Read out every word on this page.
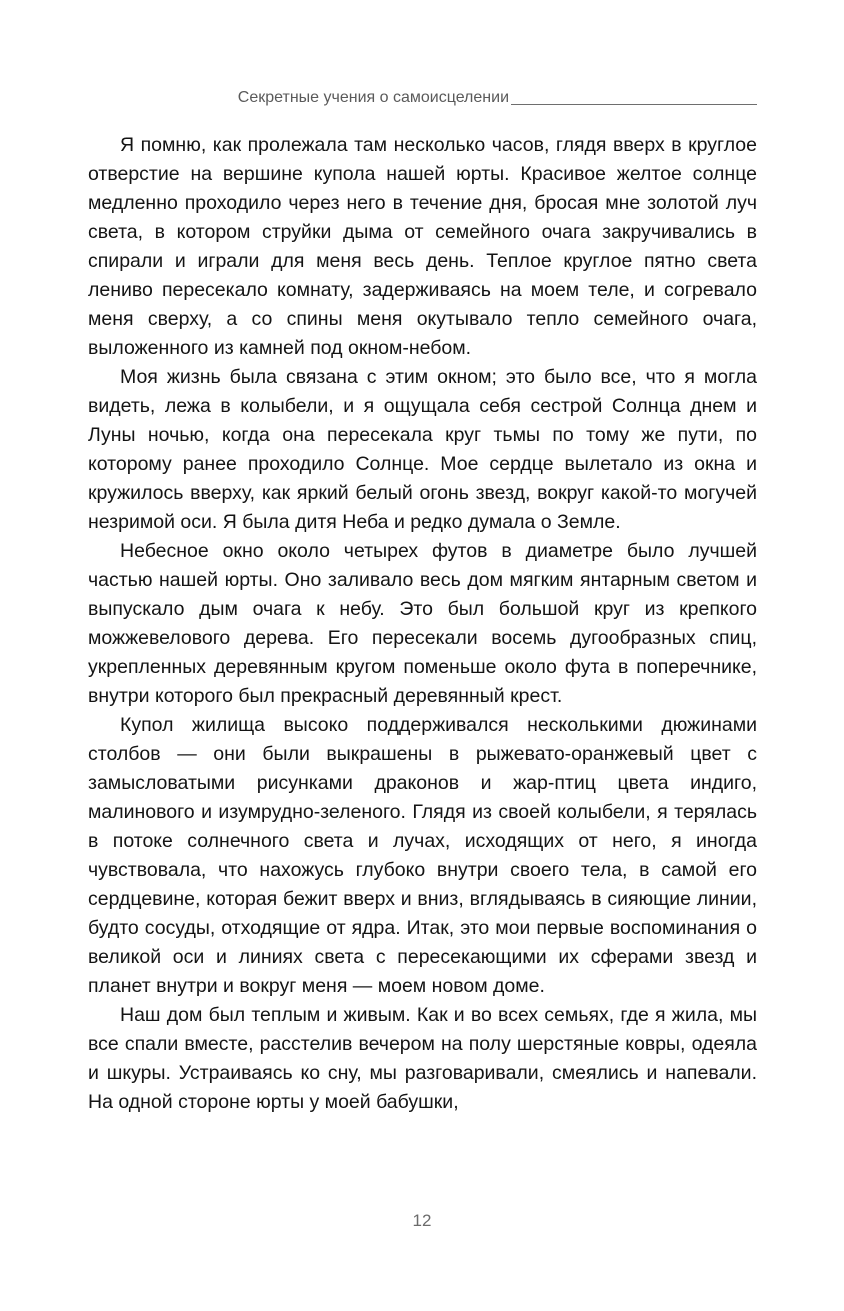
Секретные учения о самоисцелении

Я помню, как пролежала там несколько часов, глядя вверх в круглое отверстие на вершине купола нашей юрты. Красивое желтое солнце медленно проходило через него в течение дня, бросая мне золотой луч света, в котором струйки дыма от семейного очага закручивались в спирали и играли для меня весь день. Теплое круглое пятно света лениво пересекало комнату, задерживаясь на моем теле, и согревало меня сверху, а со спины меня окутывало тепло семейного очага, выложенного из камней под окном-небом.

Моя жизнь была связана с этим окном; это было все, что я могла видеть, лежа в колыбели, и я ощущала себя сестрой Солнца днем и Луны ночью, когда она пересекала круг тьмы по тому же пути, по которому ранее проходило Солнце. Мое сердце вылетало из окна и кружилось вверху, как яркий белый огонь звезд, вокруг какой-то могучей незримой оси. Я была дитя Неба и редко думала о Земле.

Небесное окно около четырех футов в диаметре было лучшей частью нашей юрты. Оно заливало весь дом мягким янтарным светом и выпускало дым очага к небу. Это был большой круг из крепкого можжевелового дерева. Его пересекали восемь дугообразных спиц, укрепленных деревянным кругом поменьше около фута в поперечнике, внутри которого был прекрасный деревянный крест.

Купол жилища высоко поддерживался несколькими дюжинами столбов — они были выкрашены в рыжевато-оранжевый цвет с замысловатыми рисунками драконов и жар-птиц цвета индиго, малинового и изумрудно-зеленого. Глядя из своей колыбели, я терялась в потоке солнечного света и лучах, исходящих от него, я иногда чувствовала, что нахожусь глубоко внутри своего тела, в самой его сердцевине, которая бежит вверх и вниз, вглядываясь в сияющие линии, будто сосуды, отходящие от ядра. Итак, это мои первые воспоминания о великой оси и линиях света с пересекающими их сферами звезд и планет внутри и вокруг меня — моем новом доме.

Наш дом был теплым и живым. Как и во всех семьях, где я жила, мы все спали вместе, расстелив вечером на полу шерстяные ковры, одеяла и шкуры. Устраиваясь ко сну, мы разговаривали, смеялись и напевали. На одной стороне юрты у моей бабушки,

12
